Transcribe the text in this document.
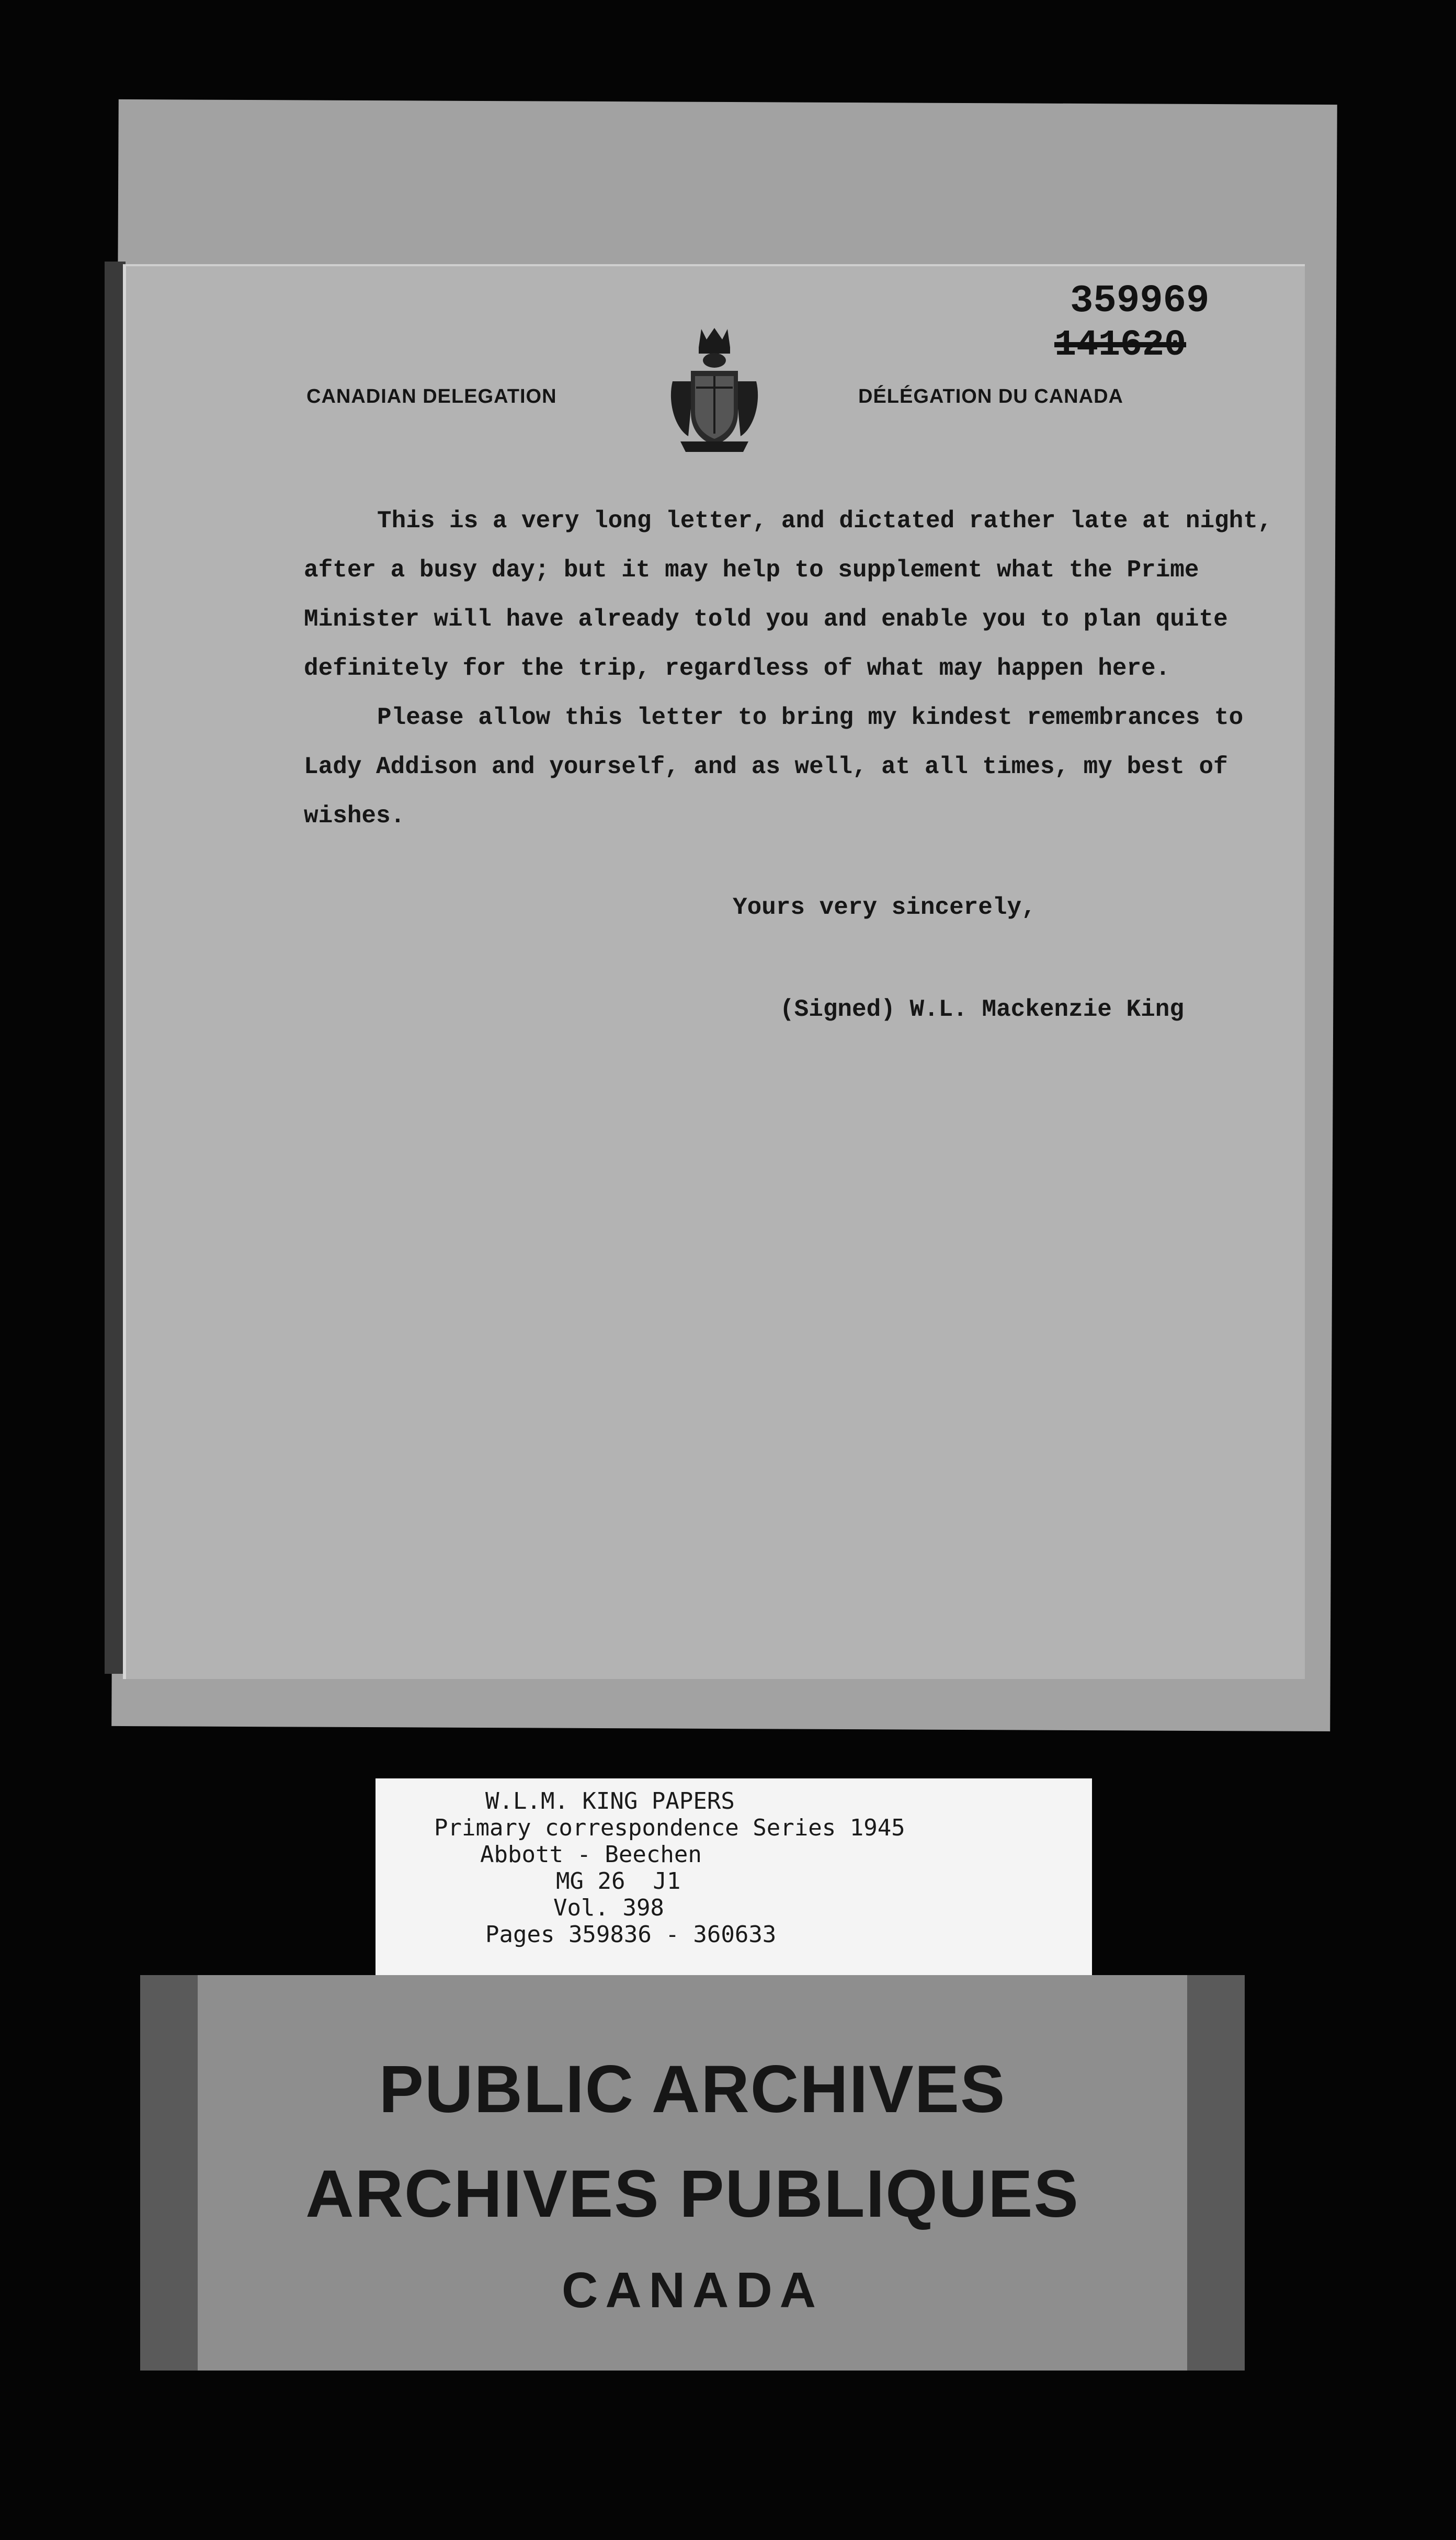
359969
141620
CANADIAN DELEGATION	DÉLÉGATION DU CANADA

This is a very long letter, and dictated rather late at night, after a busy day; but it may help to supplement what the Prime Minister will have already told you and enable you to plan quite definitely for the trip, regardless of what may happen here.

Please allow this letter to bring my kindest remembrances to Lady Addison and yourself, and as well, at all times, my best of wishes.

Yours very sincerely,
(Signed) W.L. Mackenzie King
W.L.M. KING PAPERS
Primary correspondence Series 1945
Abbott - Beechen
MG 26  J1
Vol. 398
Pages 359836 - 360633
PUBLIC ARCHIVES
ARCHIVES PUBLIQUES
CANADA
